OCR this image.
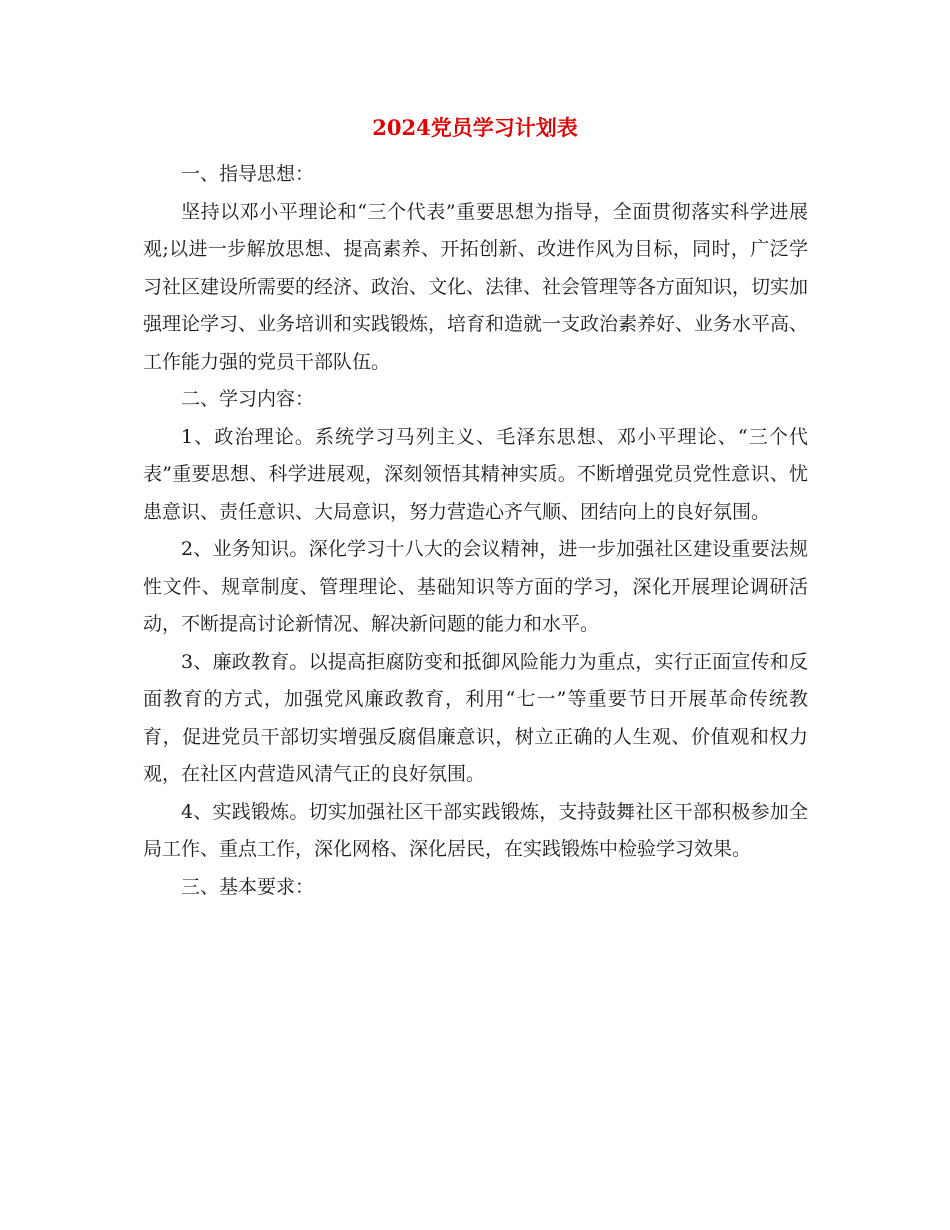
2024党员学习计划表

一、指导思想：

坚持以邓小平理论和“三个代表”重要思想为指导，全面贯彻落实科学进展观;以进一步解放思想、提高素养、开拓创新、改进作风为目标，同时，广泛学习社区建设所需要的经济、政治、文化、法律、社会管理等各方面知识，切实加强理论学习、业务培训和实践锻炼，培育和造就一支政治素养好、业务水平高、工作能力强的党员干部队伍。

二、学习内容：

1、政治理论。系统学习马列主义、毛泽东思想、邓小平理论、“三个代表”重要思想、科学进展观，深刻领悟其精神实质。不断增强党员党性意识、忧患意识、责任意识、大局意识，努力营造心齐气顺、团结向上的良好氛围。

2、业务知识。深化学习十八大的会议精神，进一步加强社区建设重要法规性文件、规章制度、管理理论、基础知识等方面的学习，深化开展理论调研活动，不断提高讨论新情况、解决新问题的能力和水平。

3、廉政教育。以提高拒腐防变和抵御风险能力为重点，实行正面宣传和反面教育的方式，加强党风廉政教育，利用“七一”等重要节日开展革命传统教育，促进党员干部切实增强反腐倡廉意识，树立正确的人生观、价值观和权力观，在社区内营造风清气正的良好氛围。

4、实践锻炼。切实加强社区干部实践锻炼，支持鼓舞社区干部积极参加全局工作、重点工作，深化网格、深化居民，在实践锻炼中检验学习效果。

三、基本要求：
